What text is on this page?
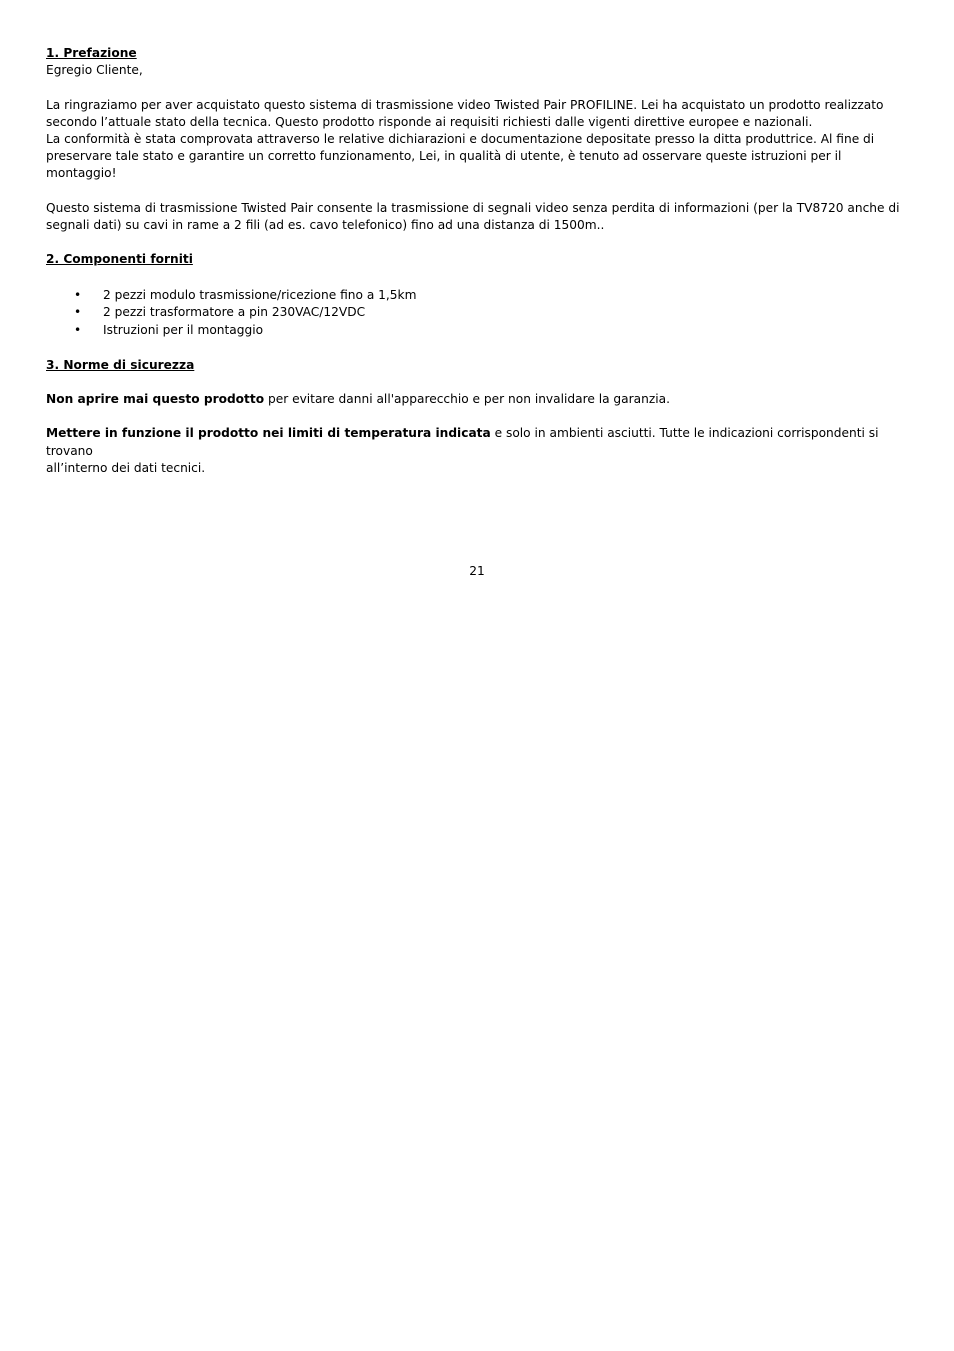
1. Prefazione

Egregio Cliente,

La ringraziamo per aver acquistato questo sistema di trasmissione video Twisted Pair PROFILINE. Lei ha acquistato un prodotto realizzato

secondo l’attuale stato della tecnica. Questo prodotto risponde ai requisiti richiesti dalle vigenti direttive europee e nazionali.

La conformità è stata comprovata attraverso le relative dichiarazioni e documentazione depositate presso la ditta produttrice. Al fine di

preservare tale stato e garantire un corretto funzionamento, Lei, in qualità di utente, è tenuto ad osservare queste istruzioni per il montaggio!

Questo sistema di trasmissione Twisted Pair consente la trasmissione di segnali video senza perdita di informazioni (per la TV8720 anche di

segnali dati) su cavi in rame a 2 fili (ad es. cavo telefonico) fino ad una distanza di 1500m..

2. Componenti forniti

• 2 pezzi modulo trasmissione/ricezione fino a 1,5km
• 2 pezzi trasformatore a pin 230VAC/12VDC
• Istruzioni per il montaggio

3. Norme di sicurezza

Non aprire mai questo prodotto per evitare danni all'apparecchio e per non invalidare la garanzia.

Mettere in funzione il prodotto nei limiti di temperatura indicata e solo in ambienti asciutti. Tutte le indicazioni corrispondenti si trovano

all’interno dei dati tecnici.

21
